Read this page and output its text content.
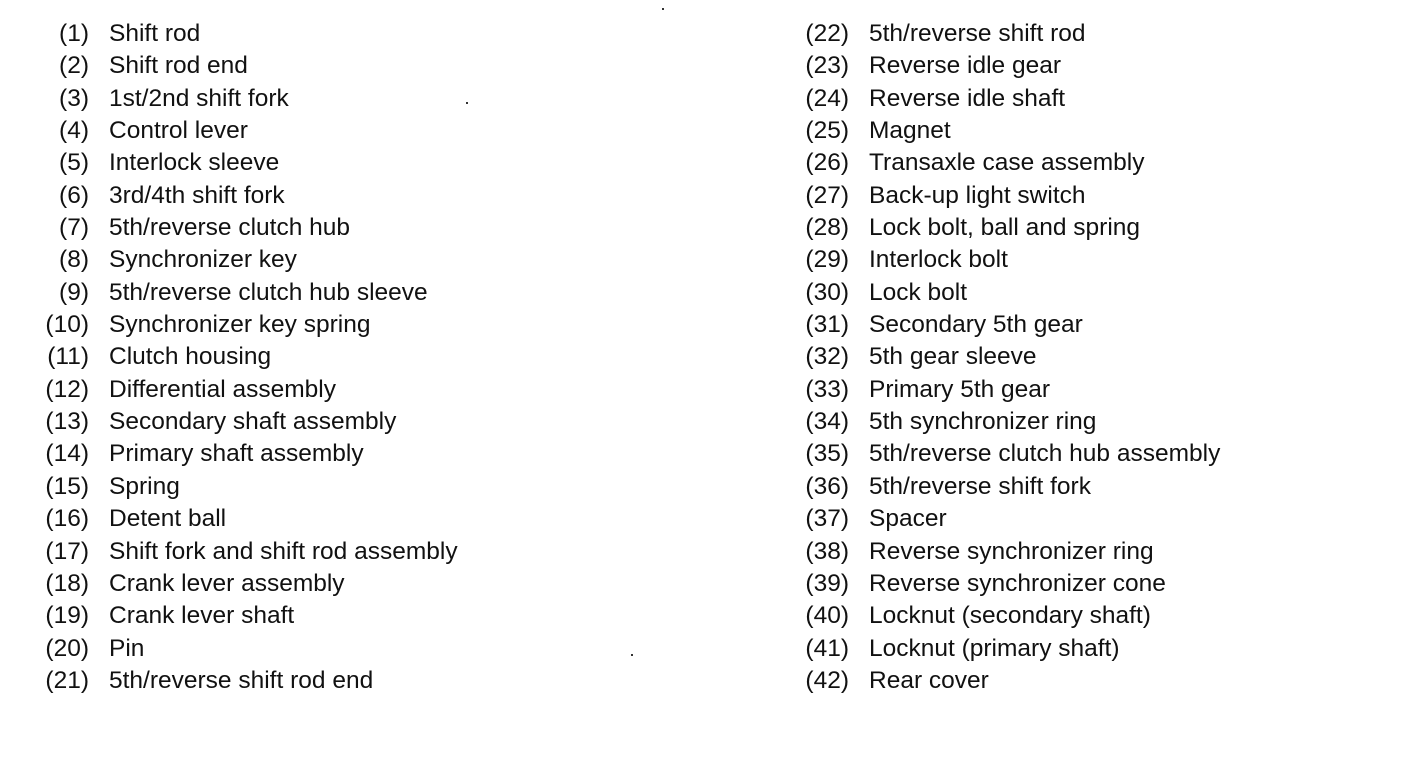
(1) Shift rod
(2) Shift rod end
(3) 1st/2nd shift fork
(4) Control lever
(5) Interlock sleeve
(6) 3rd/4th shift fork
(7) 5th/reverse clutch hub
(8) Synchronizer key
(9) 5th/reverse clutch hub sleeve
(10) Synchronizer key spring
(11) Clutch housing
(12) Differential assembly
(13) Secondary shaft assembly
(14) Primary shaft assembly
(15) Spring
(16) Detent ball
(17) Shift fork and shift rod assembly
(18) Crank lever assembly
(19) Crank lever shaft
(20) Pin
(21) 5th/reverse shift rod end
(22) 5th/reverse shift rod
(23) Reverse idle gear
(24) Reverse idle shaft
(25) Magnet
(26) Transaxle case assembly
(27) Back-up light switch
(28) Lock bolt, ball and spring
(29) Interlock bolt
(30) Lock bolt
(31) Secondary 5th gear
(32) 5th gear sleeve
(33) Primary 5th gear
(34) 5th synchronizer ring
(35) 5th/reverse clutch hub assembly
(36) 5th/reverse shift fork
(37) Spacer
(38) Reverse synchronizer ring
(39) Reverse synchronizer cone
(40) Locknut (secondary shaft)
(41) Locknut (primary shaft)
(42) Rear cover
